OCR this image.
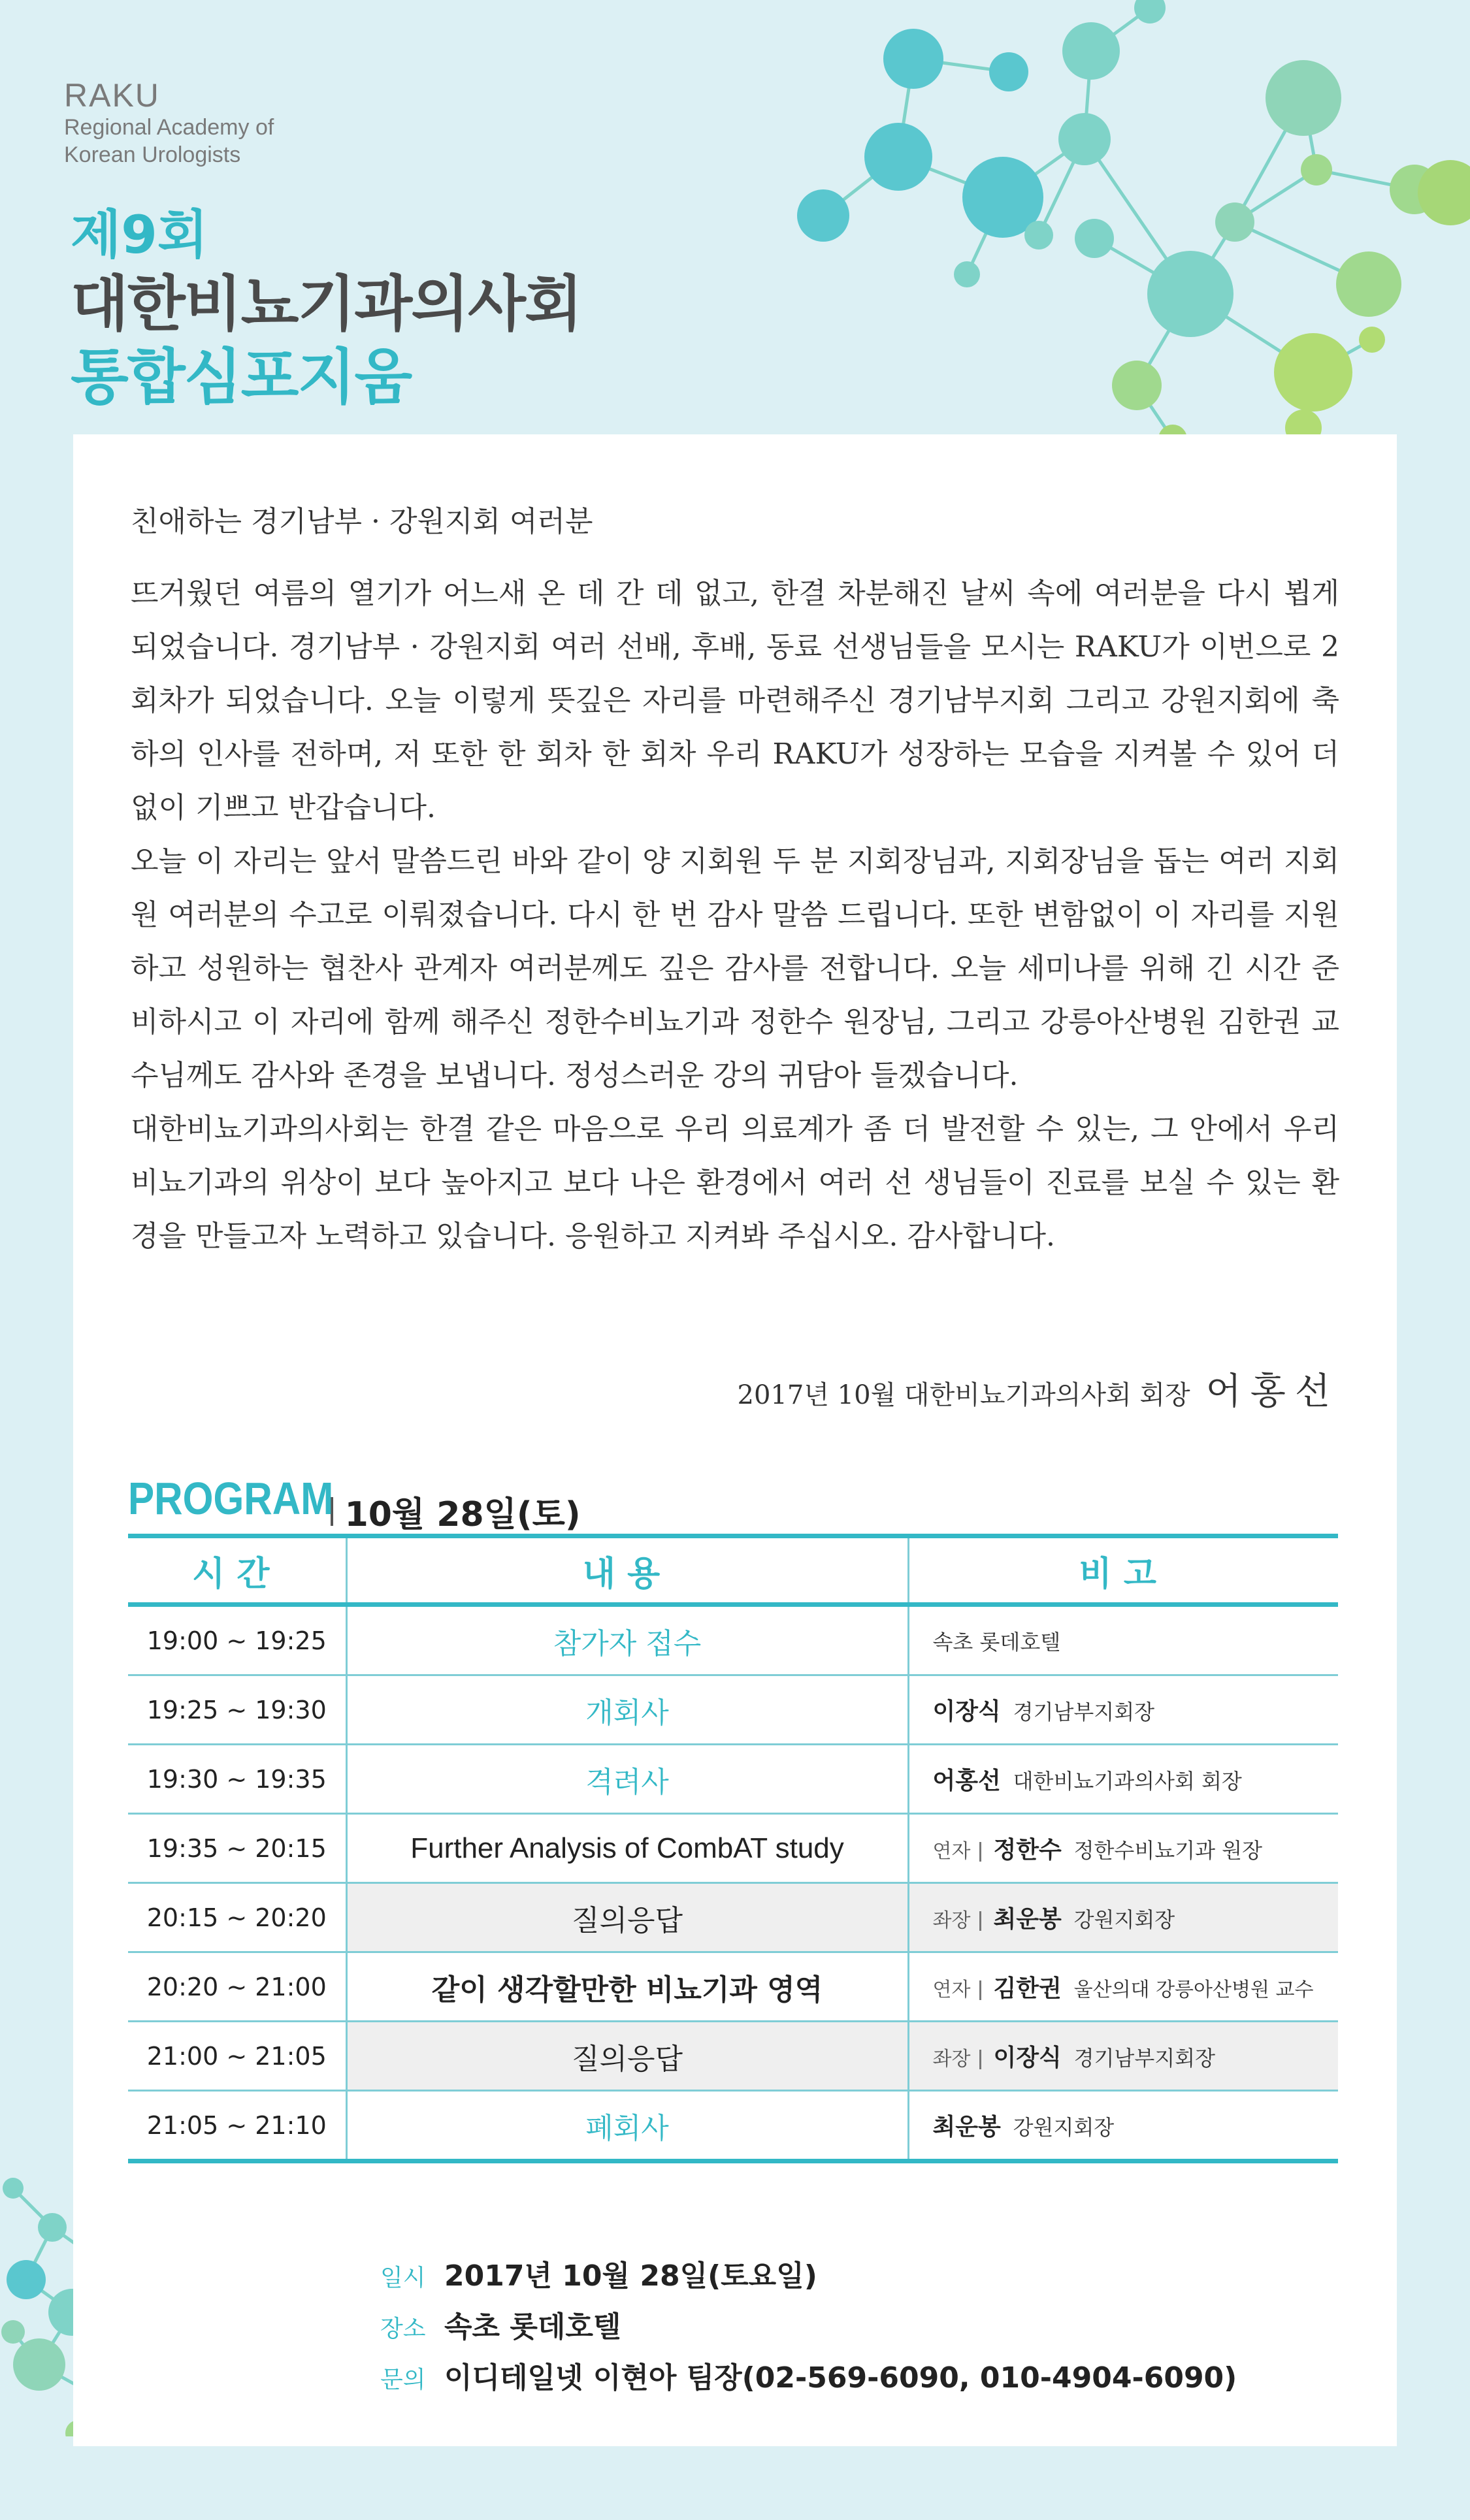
RAKU
Regional Academy of
Korean Urologists
제9회
대한비뇨기과의사회
통합심포지움
친애하는 경기남부 · 강원지회 여러분

뜨거웠던 여름의 열기가 어느새 온 데 간 데 없고, 한결 차분해진 날씨 속에 여러분을 다시 뵙게 되었습니다. 경기남부 · 강원지회 여러 선배, 후배, 동료 선생님들을 모시는 RAKU가 이번으로 2회차가 되었습니다. 오늘 이렇게 뜻깊은 자리를 마련해주신 경기남부지회 그리고 강원지회에 축하의 인사를 전하며, 저 또한 한 회차 한 회차 우리 RAKU가 성장하는 모습을 지켜볼 수 있어 더없이 기쁘고 반갑습니다.

오늘 이 자리는 앞서 말씀드린 바와 같이 양 지회원 두 분 지회장님과, 지회장님을 돕는 여러 지회원 여러분의 수고로 이뤄졌습니다. 다시 한 번 감사 말씀 드립니다. 또한 변함없이 이 자리를 지원하고 성원하는 협찬사 관계자 여러분께도 깊은 감사를 전합니다. 오늘 세미나를 위해 긴 시간 준비하시고 이 자리에 함께 해주신 정한수비뇨기과 정한수 원장님, 그리고 강릉아산병원 김한권 교수님께도 감사와 존경을 보냅니다. 정성스러운 강의 귀담아 들겠습니다.

대한비뇨기과의사회는 한결 같은 마음으로 우리 의료계가 좀 더 발전할 수 있는, 그 안에서 우리 비뇨기과의 위상이 보다 높아지고 보다 나은 환경에서 여러 선 생님들이 진료를 보실 수 있는 환경을 만들고자 노력하고 있습니다. 응원하고 지켜봐 주십시오. 감사합니다.

2017년 10월 대한비뇨기과의사회 회장 어홍선
PROGRAM 10월 28일(토)
시간	내용	비고
19:00 ~ 19:25	참가자 접수	속초 롯데호텔
19:25 ~ 19:30	개회사	이장식 경기남부지회장
19:30 ~ 19:35	격려사	어홍선 대한비뇨기과의사회 회장
19:35 ~ 20:15	Further Analysis of CombAT study	연자 정한수 정한수비뇨기과 원장
20:15 ~ 20:20	질의응답	좌장 최운봉 강원지회장
20:20 ~ 21:00	같이 생각할만한 비뇨기과 영역	연자 김한권 울산의대 강릉아산병원 교수
21:00 ~ 21:05	질의응답	좌장 이장식 경기남부지회장
21:05 ~ 21:10	폐회사	최운봉 강원지회장
일시 2017년 10월 28일(토요일)
장소 속초 롯데호텔
문의 이디테일넷 이현아 팀장(02-569-6090, 010-4904-6090)
